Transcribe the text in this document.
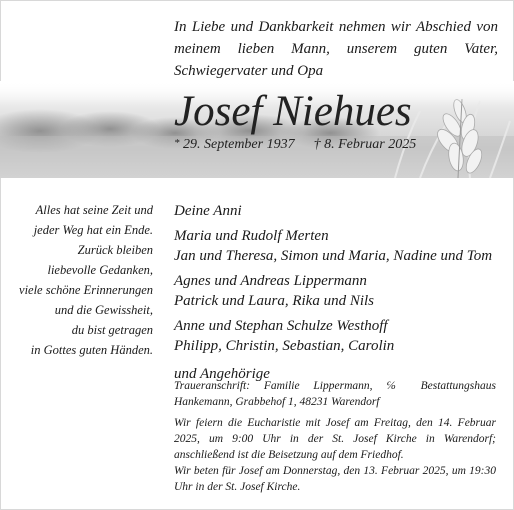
In Liebe und Dankbarkeit nehmen wir Abschied von meinem lieben Mann, unserem guten Vater, Schwiegervater und Opa
Josef Niehues
* 29. September 1937 † 8. Februar 2025
Alles hat seine Zeit und
jeder Weg hat ein Ende.
Zurück bleiben
liebevolle Gedanken,
viele schöne Erinnerungen
und die Gewissheit,
du bist getragen
in Gottes guten Händen.
Deine Anni
Maria und Rudolf Merten
Jan und Theresa, Simon und Maria, Nadine und Tom
Agnes und Andreas Lippermann
Patrick und Laura, Rika und Nils
Anne und Stephan Schulze Westhoff
Philipp, Christin, Sebastian, Carolin
und Angehörige

Traueranschrift: Familie Lippermann, ℅ Bestattungshaus Hankemann, Grabbehof 1, 48231 Warendorf

Wir feiern die Eucharistie mit Josef am Freitag, den 14. Februar 2025, um 9:00 Uhr in der St. Josef Kirche in Warendorf; anschließend ist die Beisetzung auf dem Friedhof.

Wir beten für Josef am Donnerstag, den 13. Februar 2025, um 19:30 Uhr in der St. Josef Kirche.
